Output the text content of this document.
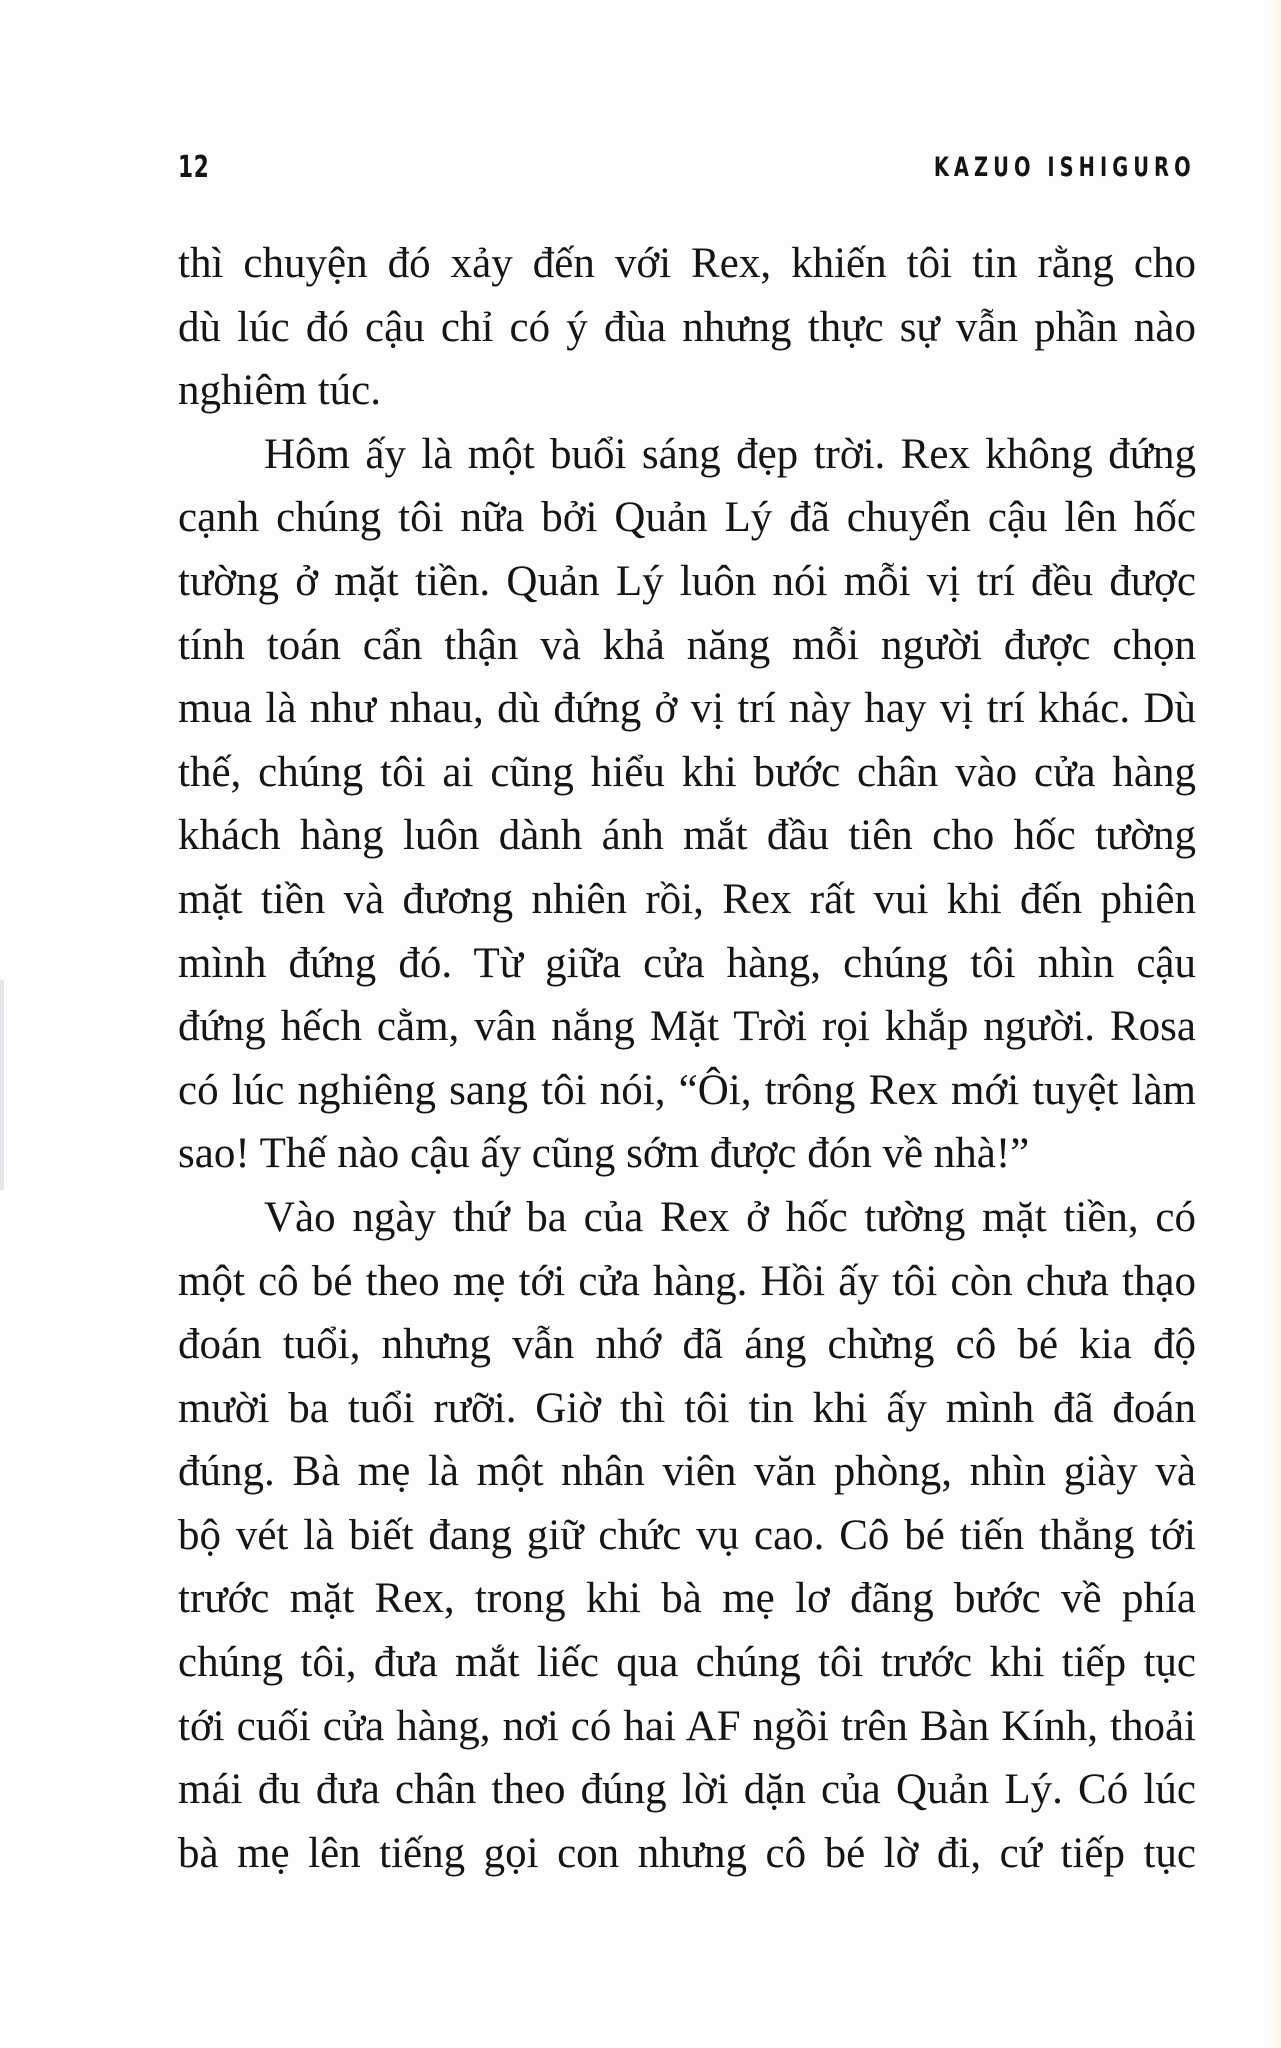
12	KAZUO ISHIGURO
thì chuyện đó xảy đến với Rex, khiến tôi tin rằng cho
dù lúc đó cậu chỉ có ý đùa nhưng thực sự vẫn phần nào
nghiêm túc.
Hôm ấy là một buổi sáng đẹp trời. Rex không đứng
cạnh chúng tôi nữa bởi Quản Lý đã chuyển cậu lên hốc
tường ở mặt tiền. Quản Lý luôn nói mỗi vị trí đều được
tính toán cẩn thận và khả năng mỗi người được chọn
mua là như nhau, dù đứng ở vị trí này hay vị trí khác. Dù
thế, chúng tôi ai cũng hiểu khi bước chân vào cửa hàng
khách hàng luôn dành ánh mắt đầu tiên cho hốc tường
mặt tiền và đương nhiên rồi, Rex rất vui khi đến phiên
mình đứng đó. Từ giữa cửa hàng, chúng tôi nhìn cậu
đứng hếch cằm, vân nắng Mặt Trời rọi khắp người. Rosa
có lúc nghiêng sang tôi nói, “Ôi, trông Rex mới tuyệt làm
sao! Thế nào cậu ấy cũng sớm được đón về nhà!”
Vào ngày thứ ba của Rex ở hốc tường mặt tiền, có
một cô bé theo mẹ tới cửa hàng. Hồi ấy tôi còn chưa thạo
đoán tuổi, nhưng vẫn nhớ đã áng chừng cô bé kia độ
mười ba tuổi rưỡi. Giờ thì tôi tin khi ấy mình đã đoán
đúng. Bà mẹ là một nhân viên văn phòng, nhìn giày và
bộ vét là biết đang giữ chức vụ cao. Cô bé tiến thẳng tới
trước mặt Rex, trong khi bà mẹ lơ đãng bước về phía
chúng tôi, đưa mắt liếc qua chúng tôi trước khi tiếp tục
tới cuối cửa hàng, nơi có hai AF ngồi trên Bàn Kính, thoải
mái đu đưa chân theo đúng lời dặn của Quản Lý. Có lúc
bà mẹ lên tiếng gọi con nhưng cô bé lờ đi, cứ tiếp tục
